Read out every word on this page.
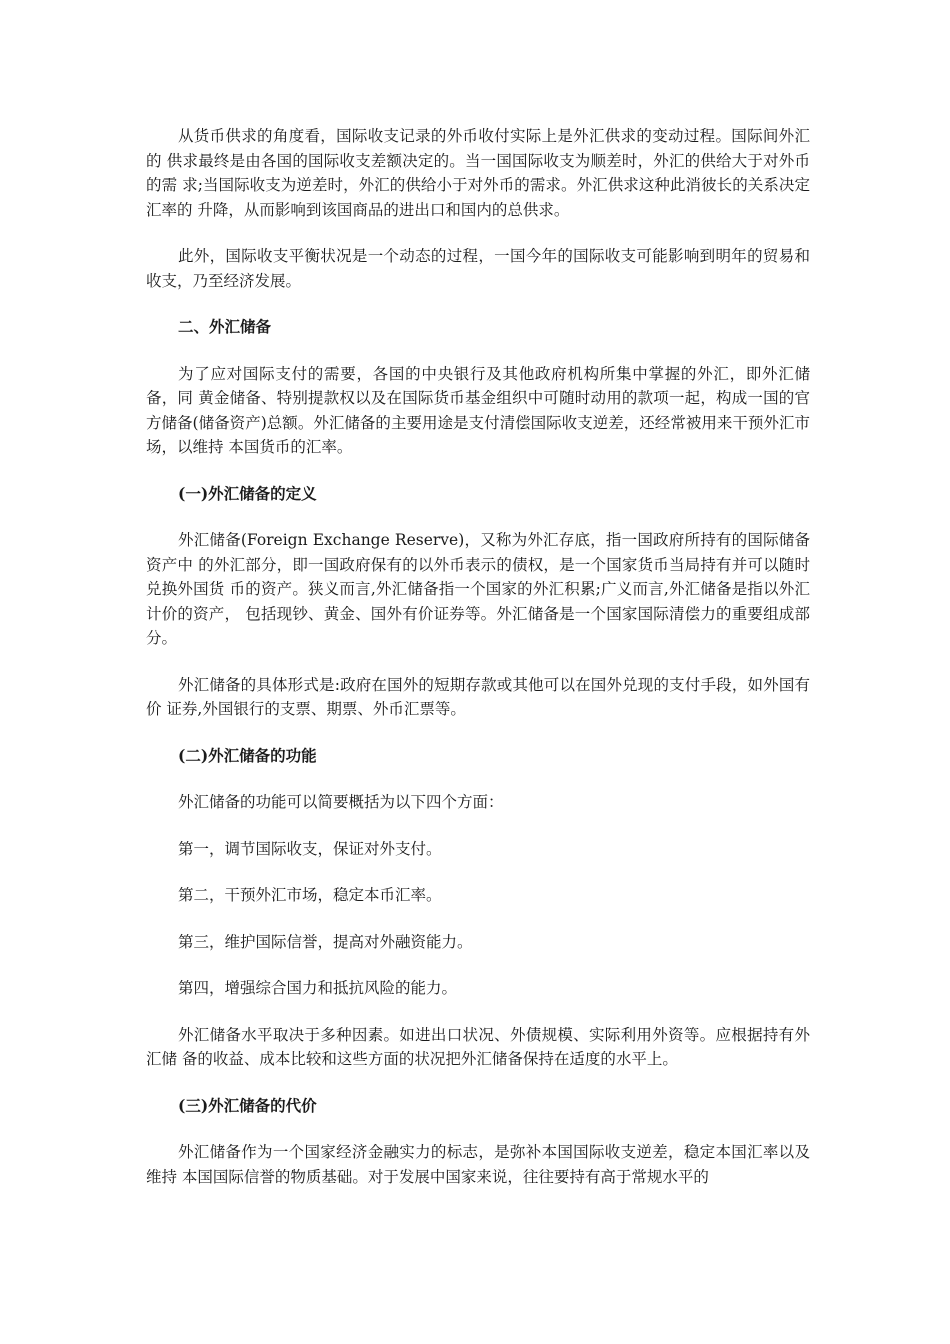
从货币供求的角度看，国际收支记录的外币收付实际上是外汇供求的变动过程。国际间外汇的 供求最终是由各国的国际收支差额决定的。当一国国际收支为顺差时，外汇的供给大于对外币的需 求;当国际收支为逆差时，外汇的供给小于对外币的需求。外汇供求这种此消彼长的关系决定汇率的 升降，从而影响到该国商品的进出口和国内的总供求。

此外，国际收支平衡状况是一个动态的过程，一国今年的国际收支可能影响到明年的贸易和收支，乃至经济发展。

二、外汇储备

为了应对国际支付的需要，各国的中央银行及其他政府机构所集中掌握的外汇，即外汇储备，同 黄金储备、特别提款权以及在国际货币基金组织中可随时动用的款项一起，构成一国的官方储备(储备资产)总额。外汇储备的主要用途是支付清偿国际收支逆差，还经常被用来干预外汇市场，以维持 本国货币的汇率。

(一)外汇储备的定义

外汇储备(Foreign Exchange Reserve)，又称为外汇存底，指一国政府所持有的国际储备资产中 的外汇部分，即一国政府保有的以外币表示的债权，是一个国家货币当局持有并可以随时兑换外国货 币的资产。狭义而言,外汇储备指一个国家的外汇积累;广义而言,外汇储备是指以外汇计价的资产， 包括现钞、黄金、国外有价证券等。外汇储备是一个国家国际清偿力的重要组成部分。

外汇储备的具体形式是:政府在国外的短期存款或其他可以在国外兑现的支付手段，如外国有价 证券,外国银行的支票、期票、外币汇票等。

(二)外汇储备的功能

外汇储备的功能可以简要概括为以下四个方面：

第一，调节国际收支，保证对外支付。

第二，干预外汇市场，稳定本币汇率。

第三，维护国际信誉，提高对外融资能力。

第四，增强综合国力和抵抗风险的能力。

外汇储备水平取决于多种因素。如进出口状况、外债规模、实际利用外资等。应根据持有外汇储 备的收益、成本比较和这些方面的状况把外汇储备保持在适度的水平上。

(三)外汇储备的代价

外汇储备作为一个国家经济金融实力的标志，是弥补本国国际收支逆差，稳定本国汇率以及维持 本国国际信誉的物质基础。对于发展中国家来说，往往要持有高于常规水平的
